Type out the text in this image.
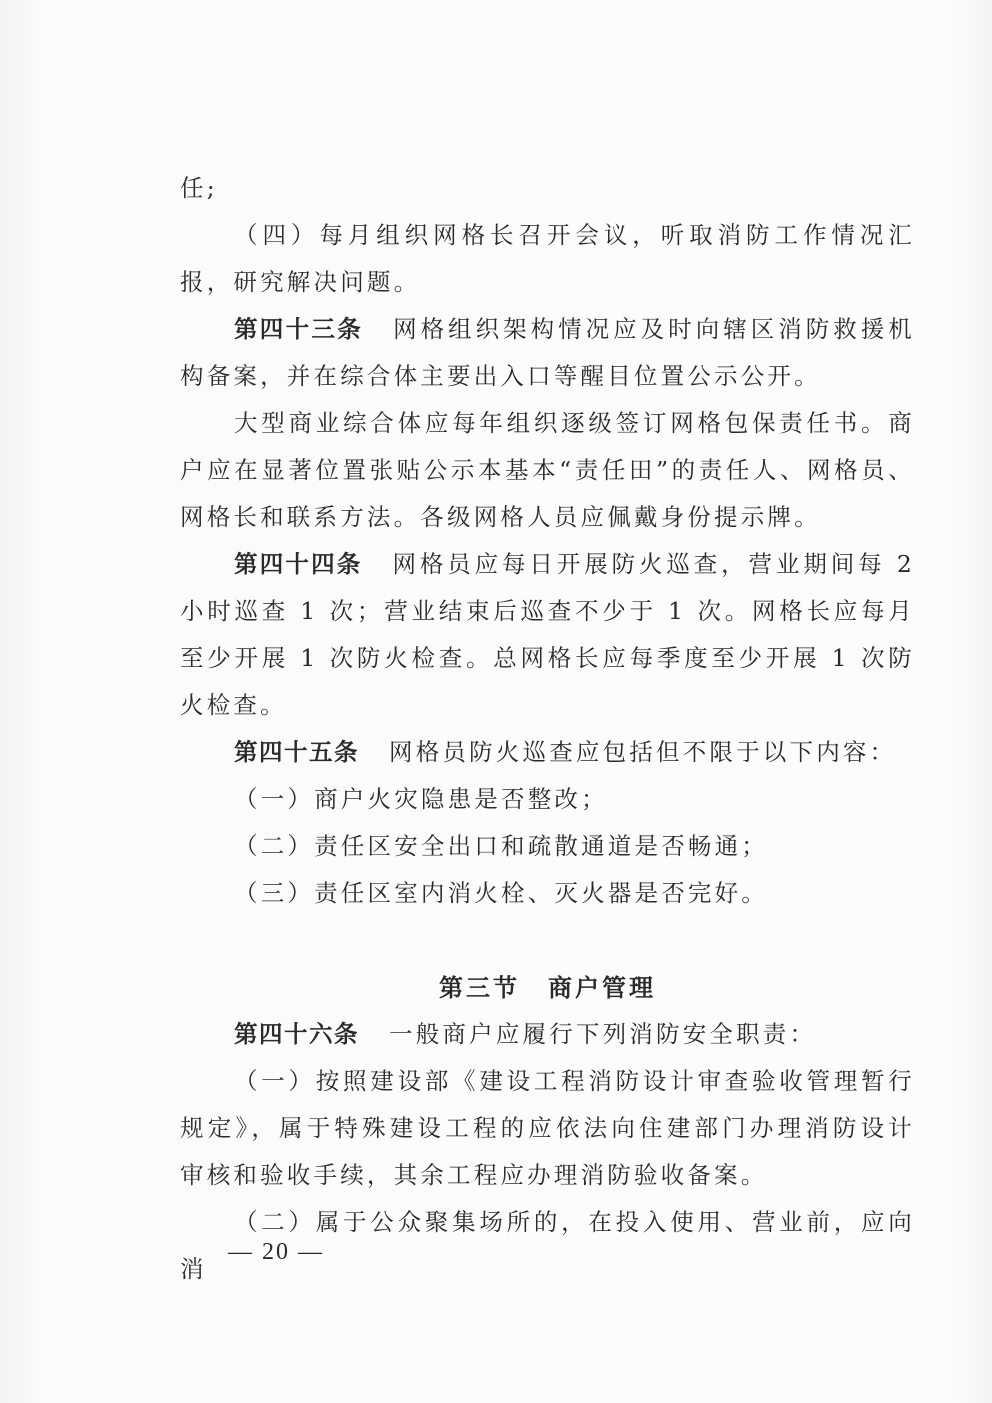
任;

（四）每月组织网格长召开会议，听取消防工作情况汇报，研究解决问题。

第四十三条 网格组织架构情况应及时向辖区消防救援机构备案，并在综合体主要出入口等醒目位置公示公开。

大型商业综合体应每年组织逐级签订网格包保责任书。商户应在显著位置张贴公示本基本“责任田”的责任人、网格员、网格长和联系方法。各级网格人员应佩戴身份提示牌。

第四十四条 网格员应每日开展防火巡查，营业期间每 2 小时巡查 1 次；营业结束后巡查不少于 1 次。网格长应每月至少开展 1 次防火检查。总网格长应每季度至少开展 1 次防火检查。

第四十五条 网格员防火巡查应包括但不限于以下内容：

（一）商户火灾隐患是否整改；

（二）责任区安全出口和疏散通道是否畅通；

（三）责任区室内消火栓、灭火器是否完好。

第三节 商户管理

第四十六条 一般商户应履行下列消防安全职责：

（一）按照建设部《建设工程消防设计审查验收管理暂行规定》，属于特殊建设工程的应依法向住建部门办理消防设计审核和验收手续，其余工程应办理消防验收备案。

（二）属于公众聚集场所的，在投入使用、营业前，应向消

— 20 —
